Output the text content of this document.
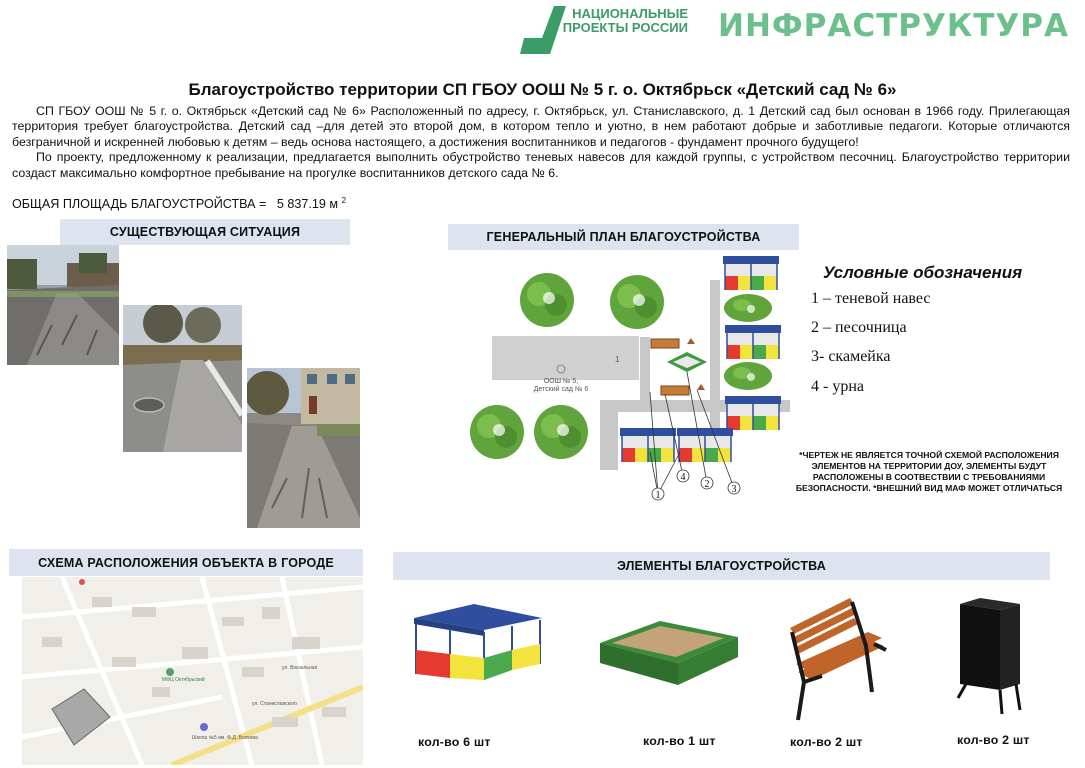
НАЦИОНАЛЬНЫЕ ПРОЕКТЫ РОССИИ ИНФРАСТРУКТУРА
Благоустройство территории СП ГБОУ ООШ № 5 г. о. Октябрьск «Детский сад № 6»

СП ГБОУ ООШ № 5 г. о. Октябрьск «Детский сад № 6» Расположенный по адресу, г. Октябрьск, ул. Станиславского, д. 1 Детский сад был основан в 1966 году. Прилегающая территория требует благоустройства. Детский сад –для детей это второй дом, в котором тепло и уютно, в нем работают добрые и заботливые педагоги. Которые отличаются безграничной и искренней любовью к детям – ведь основа настоящего, а достижения воспитанников и педагогов - фундамент прочного будущего!

По проекту, предложенному к реализации, предлагается выполнить обустройство теневых навесов для каждой группы, с устройством песочниц. Благоустройство территории создаст максимально комфортное пребывание на прогулке воспитанников детского сада № 6.

ОБЩАЯ ПЛОЩАДЬ БЛАГОУСТРОЙСТВА = 5 837.19 м $^2$
СУЩЕСТВУЮЩАЯ СИТУАЦИЯ	ГЕНЕРАЛЬНЫЙ ПЛАН БЛАГОУСТРОЙСТВА
1
ООШ № 5,
Детский сад № 6
1
4
2 3
Условные обозначения
1 – теневой навес
2 – песочница
3- скамейка
4 - урна
*ЧЕРТЕЖ НЕ ЯВЛЯЕТСЯ ТОЧНОЙ СХЕМОЙ РАСПОЛОЖЕНИЯ ЭЛЕМЕНТОВ НА ТЕРРИТОРИИ ДОУ, ЭЛЕМЕНТЫ БУДУТ РАСПОЛОЖЕНЫ В СООТВЕСТВИИ С ТРЕБОВАНИЯМИ БЕЗОПАСНОСТИ. *ВНЕШНИЙ ВИД МАФ МОЖЕТ ОТЛИЧАТЬСЯ
СХЕМА РАСПОЛОЖЕНИЯ ОБЪЕКТА В ГОРОДЕ
МФЦ Октябрьский
Школа №5 им. Ф.Д. Волкова
ул. Станиславского
ул. Вокзальная
ЭЛЕМЕНТЫ БЛАГОУСТРОЙСТВА
кол-во 6 шт	кол-во 1 шт	кол-во 2 шт	кол-во 2 шт
